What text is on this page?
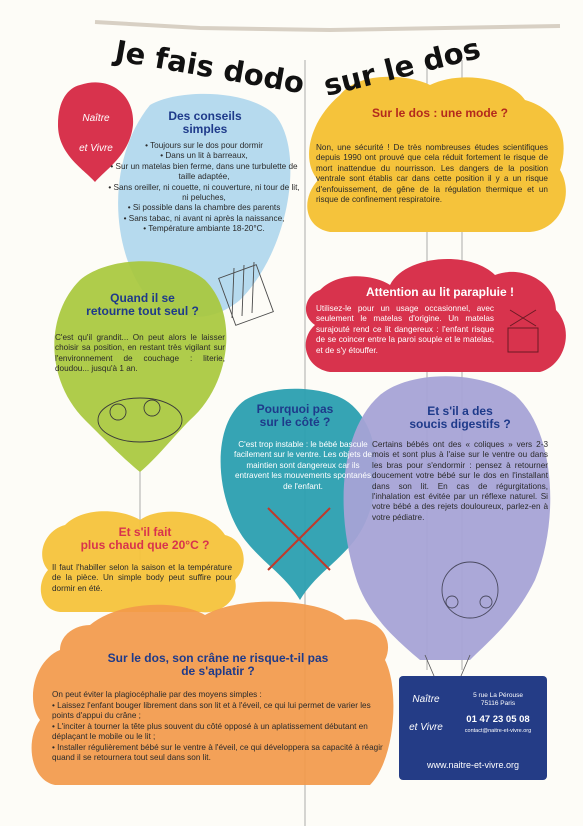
Je fais dodo sur le dos
Naître
et Vivre
Des conseils
simples
• Toujours sur le dos pour dormir
• Dans un lit à barreaux,
• Sur un matelas bien ferme, dans une turbulette de taille adaptée,
• Sans oreiller, ni couette, ni couverture, ni tour de lit, ni peluches,
• Si possible dans la chambre des parents
• Sans tabac, ni avant ni après la naissance,
• Température ambiante 18-20°C.
Sur le dos : une mode ?
Non, une sécurité ! De très nombreuses études scientifiques depuis 1990 ont prouvé que cela réduit fortement le risque de mort inattendue du nourrisson. Les dangers de la position ventrale sont établis car dans cette position il y a un risque d'enfouissement, de gêne de la régulation thermique et un risque de confinement respiratoire.
Quand il se
retourne tout seul ?
C'est qu'il grandit... On peut alors le laisser choisir sa position, en restant très vigilant sur l'environnement de couchage : literie, doudou... jusqu'à 1 an.
Attention au lit parapluie !
Utilisez-le pour un usage occasionnel, avec seulement le matelas d'origine. Un matelas surajouté rend ce lit dangereux : l'enfant risque de se coincer entre la paroi souple et le matelas, et de s'y étouffer.
Pourquoi pas
sur le côté ?
C'est trop instable : le bébé bascule facilement sur le ventre. Les objets de maintien sont dangereux car ils entravent les mouvements spontanés de l'enfant.
Et s'il a des
soucis digestifs ?
Certains bébés ont des « coliques » vers 2-3 mois et sont plus à l'aise sur le ventre ou dans les bras pour s'endormir : pensez à retourner doucement votre bébé sur le dos en l'installant dans son lit. En cas de régurgitations, l'inhalation est évitée par un réflexe naturel. Si votre bébé a des rejets douloureux, parlez-en à votre pédiatre.
Et s'il fait
plus chaud que 20°C ?
Il faut l'habiller selon la saison et la température de la pièce. Un simple body peut suffire pour dormir en été.
Sur le dos, son crâne ne risque-t-il pas
de s'aplatir ?
On peut éviter la plagiocéphalie par des moyens simples :
• Laissez l'enfant bouger librement dans son lit et à l'éveil, ce qui lui permet de varier les points d'appui du crâne ;
• L'inciter à tourner la tête plus souvent du côté opposé à un aplatissement débutant en déplaçant le mobile ou le lit ;
• Installer régulièrement bébé sur le ventre à l'éveil, ce qui développera sa capacité à réagir quand il se retournera tout seul dans son lit.
Naître
et Vivre
5 rue La Pérouse
75116 Paris
01 47 23 05 08
contact@naitre-et-vivre.org
www.naitre-et-vivre.org
